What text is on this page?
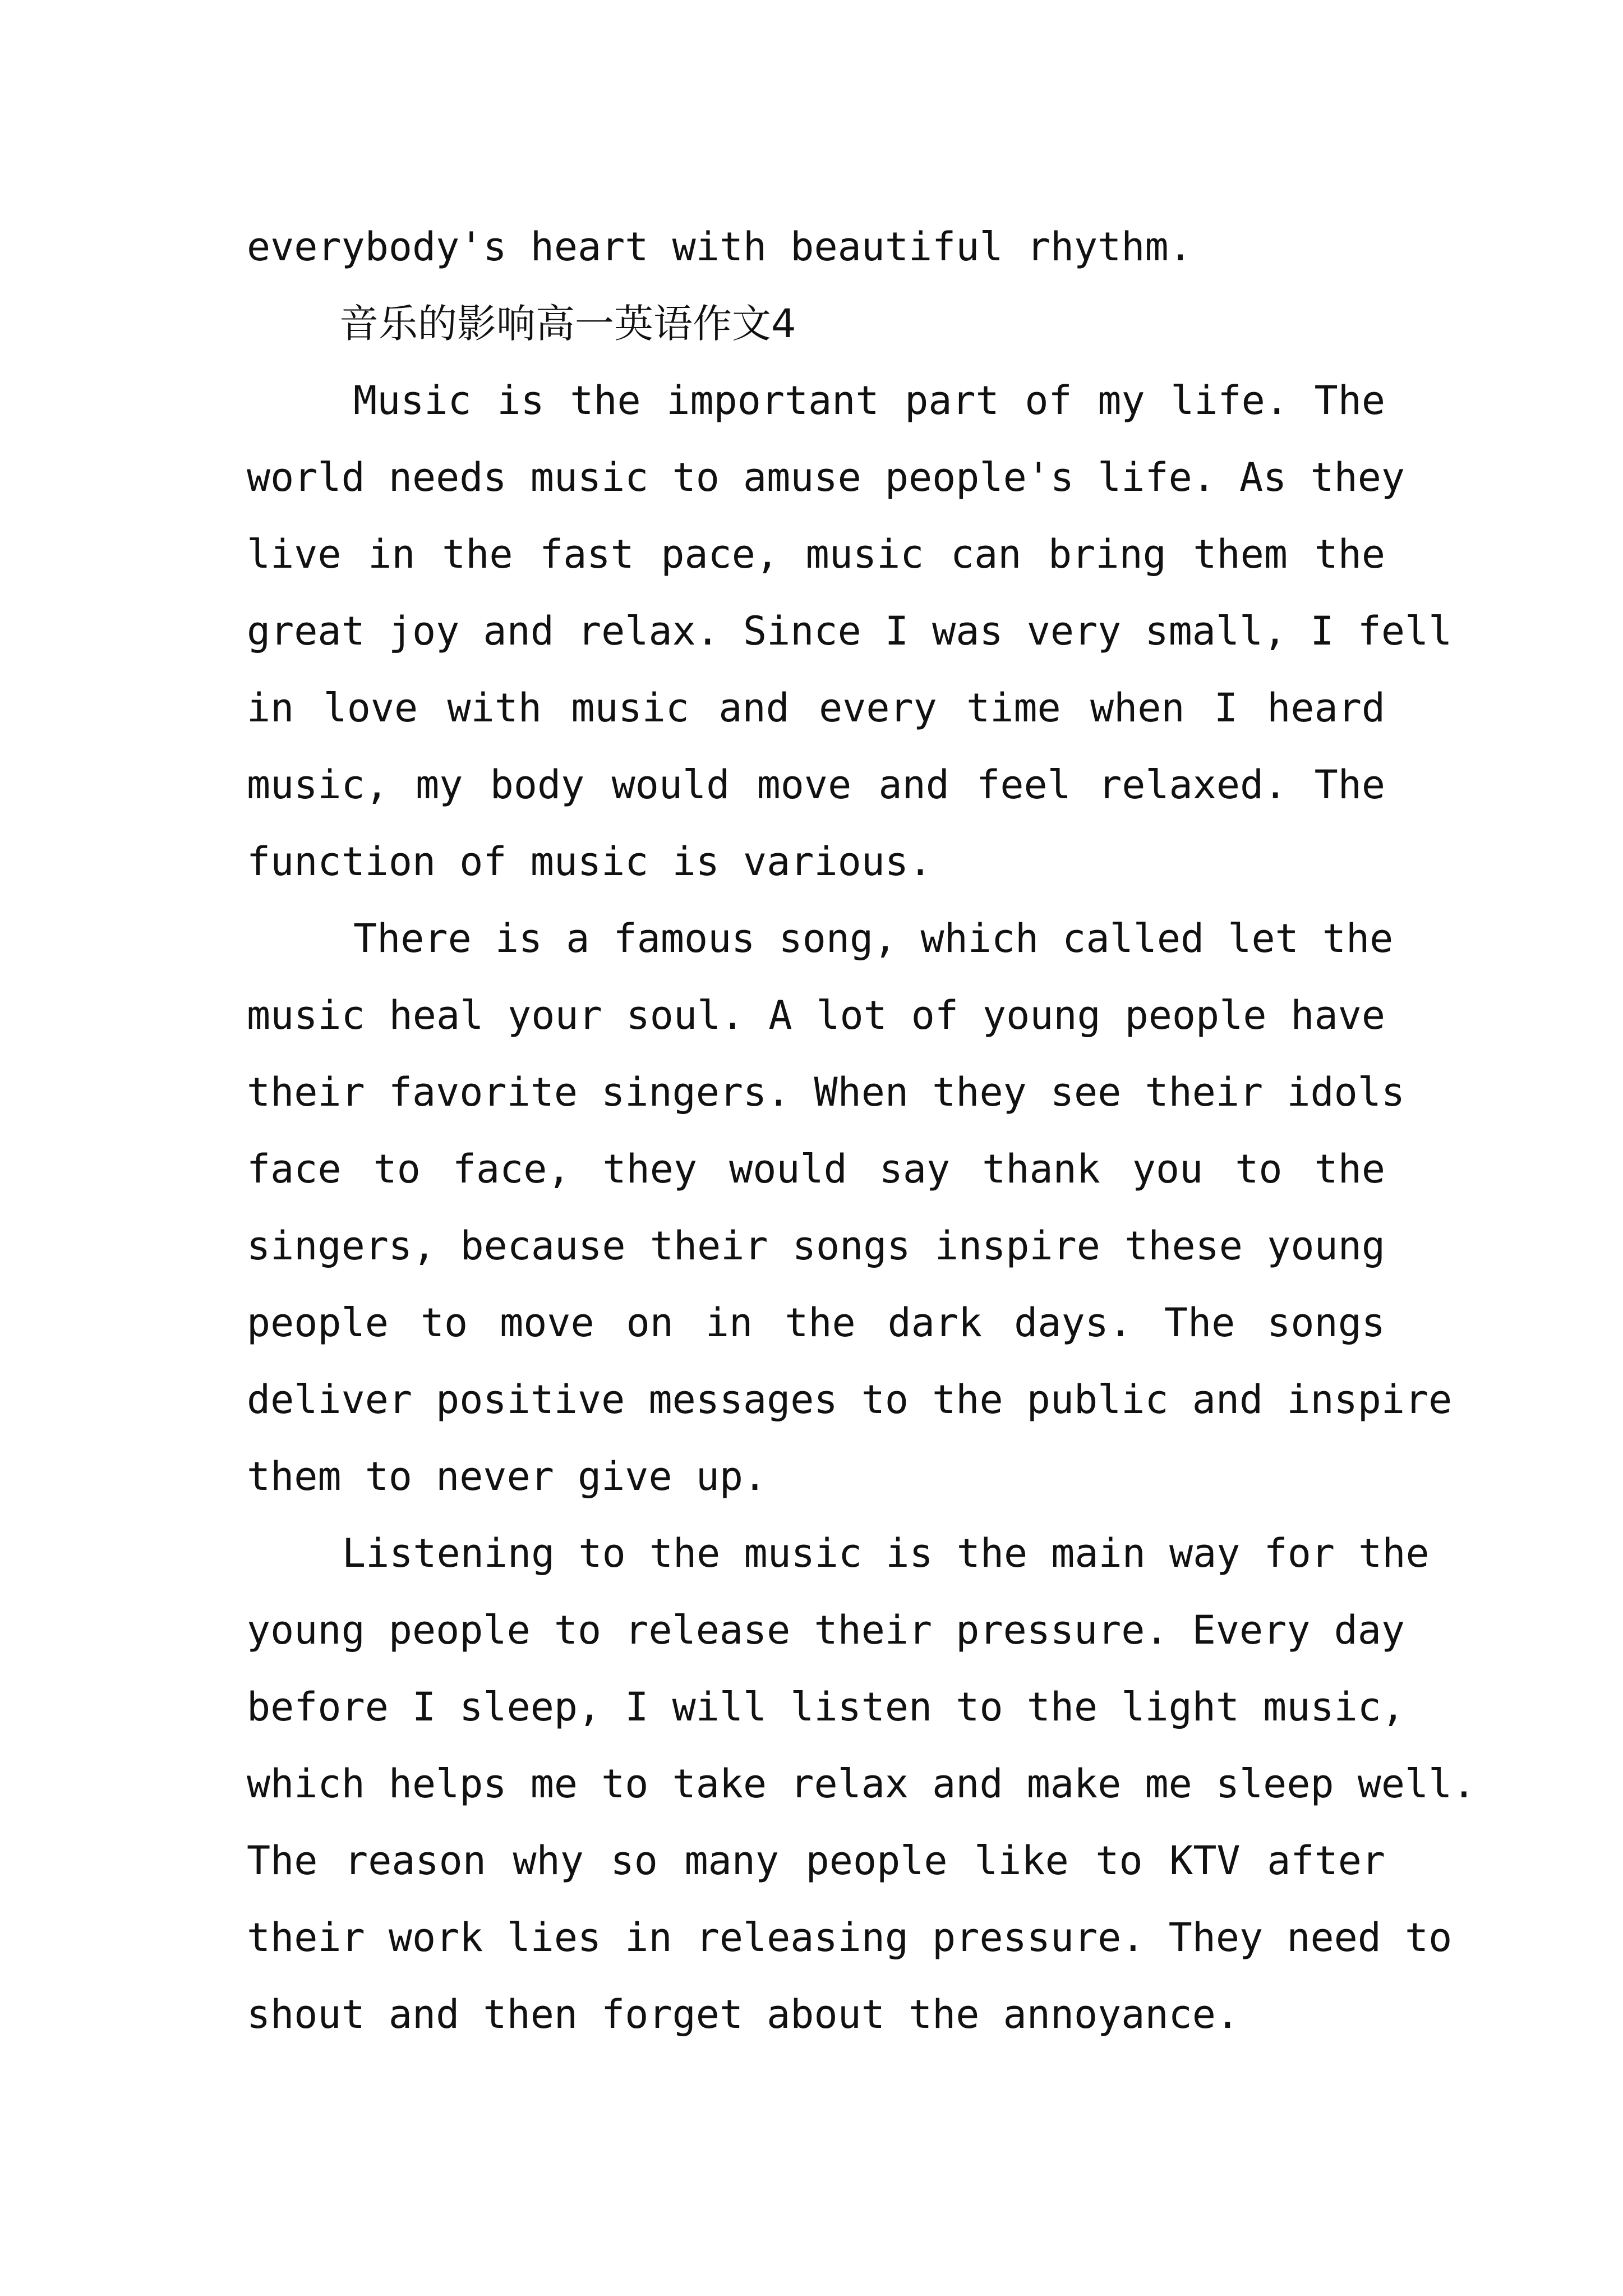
everybody's heart with beautiful rhythm.
音乐的影响高一英语作文4
Music is the important part of my life. The
world needs music to amuse people's life. As they
live in the fast pace, music can bring them the
great joy and relax. Since I was very small, I fell
in love with music and every time when I heard
music, my body would move and feel relaxed. The
function of music is various.
There is a famous song, which called let the
music heal your soul. A lot of young people have
their favorite singers. When they see their idols
face to face, they would say thank you to the
singers, because their songs inspire these young
people to move on in the dark days. The songs
deliver positive messages to the public and inspire
them to never give up.
Listening to the music is the main way for the
young people to release their pressure. Every day
before I sleep, I will listen to the light music,
which helps me to take relax and make me sleep well.
The reason why so many people like to KTV after
their work lies in releasing pressure. They need to
shout and then forget about the annoyance.
